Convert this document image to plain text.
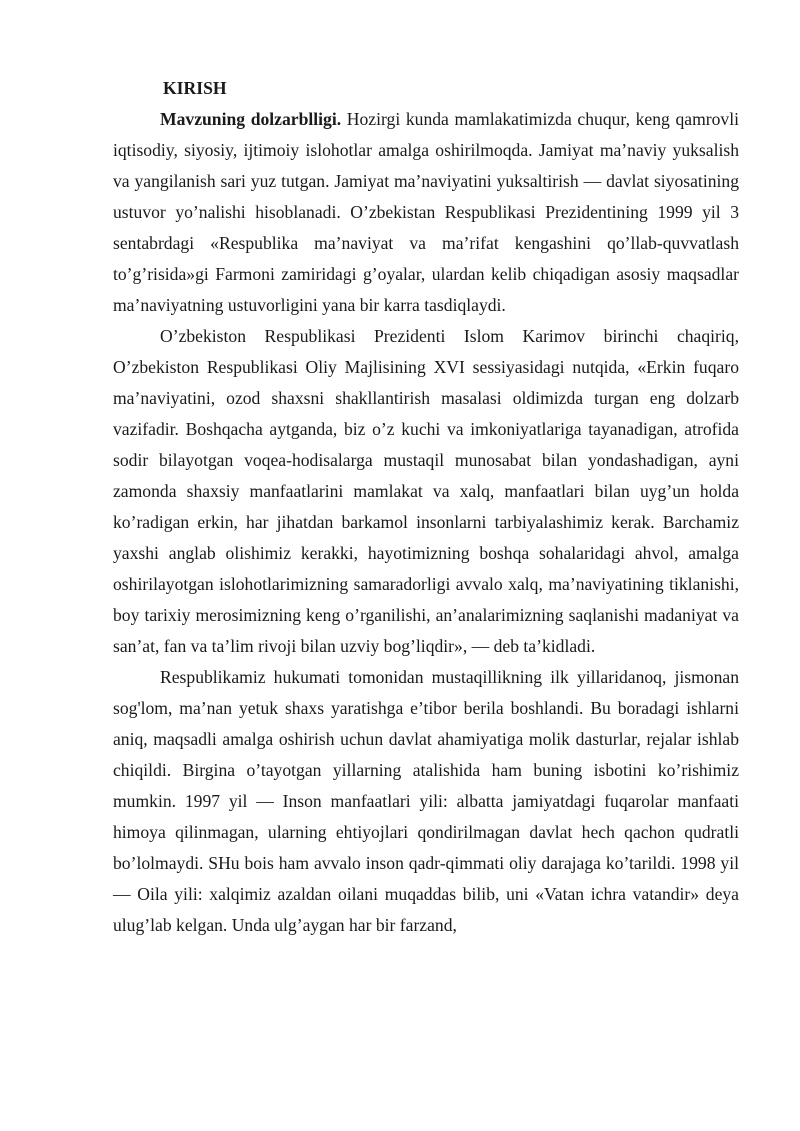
KIRISH

Mavzuning dolzarblligi. Hozirgi kunda mamlakatimizda chuqur, keng qamrovli iqtisodiy, siyosiy, ijtimoiy islohotlar amalga oshirilmoqda. Jamiyat ma’naviy yuksalish va yangilanish sari yuz tutgan. Jamiyat ma’naviyatini yuksaltirish — davlat siyosatining ustuvor yo’nalishi hisoblanadi. O’zbekistan Respublikasi Prezidentining 1999 yil 3 sentabrdagi «Respublika ma’naviyat va ma’rifat kengashini qo’llab-quvvatlash to’g’risida»gi Farmoni zamiridagi g’oyalar, ulardan kelib chiqadigan asosiy maqsadlar ma’naviyatning ustuvorligini yana bir karra tasdiqlaydi.

O’zbekiston Respublikasi Prezidenti Islom Karimov birinchi chaqiriq, O’zbekiston Respublikasi Oliy Majlisining XVI sessiyasidagi nutqida, «Erkin fuqaro ma’naviyatini, ozod shaxsni shakllantirish masalasi oldimizda turgan eng dolzarb vazifadir. Boshqacha aytganda, biz o’z kuchi va imkoniyatlariga tayanadigan, atrofida sodir bilayotgan voqea-hodisalarga mustaqil munosabat bilan yondashadigan, ayni zamonda shaxsiy manfaatlarini mamlakat va xalq, manfaatlari bilan uyg’un holda ko’radigan erkin, har jihatdan barkamol insonlarni tarbiyalashimiz kerak. Barchamiz yaxshi anglab olishimiz kerakki, hayotimizning boshqa sohalaridagi ahvol, amalga oshirilayotgan islohotlarimizning samaradorligi avvalo xalq, ma’naviyatining tiklanishi, boy tarixiy merosimizning keng o’rganilishi, an’analarimizning saqlanishi madaniyat va san’at, fan va ta’lim rivoji bilan uzviy bog’liqdir», — deb ta’kidladi.

Respublikamiz hukumati tomonidan mustaqillikning ilk yillaridanoq, jismonan sog'lom, ma’nan yetuk shaxs yaratishga e’tibor berila boshlandi. Bu boradagi ishlarni aniq, maqsadli amalga oshirish uchun davlat ahamiyatiga molik dasturlar, rejalar ishlab chiqildi. Birgina o’tayotgan yillarning atalishida ham buning isbotini ko’rishimiz mumkin. 1997 yil — Inson manfaatlari yili: albatta jamiyatdagi fuqarolar manfaati himoya qilinmagan, ularning ehtiyojlari qondirilmagan davlat hech qachon qudratli bo’lolmaydi. SHu bois ham avvalo inson qadr-qimmati oliy darajaga ko’tarildi. 1998 yil — Oila yili: xalqimiz azaldan oilani muqaddas bilib, uni «Vatan ichra vatandir» deya ulug’lab kelgan. Unda ulg’aygan har bir farzand,
